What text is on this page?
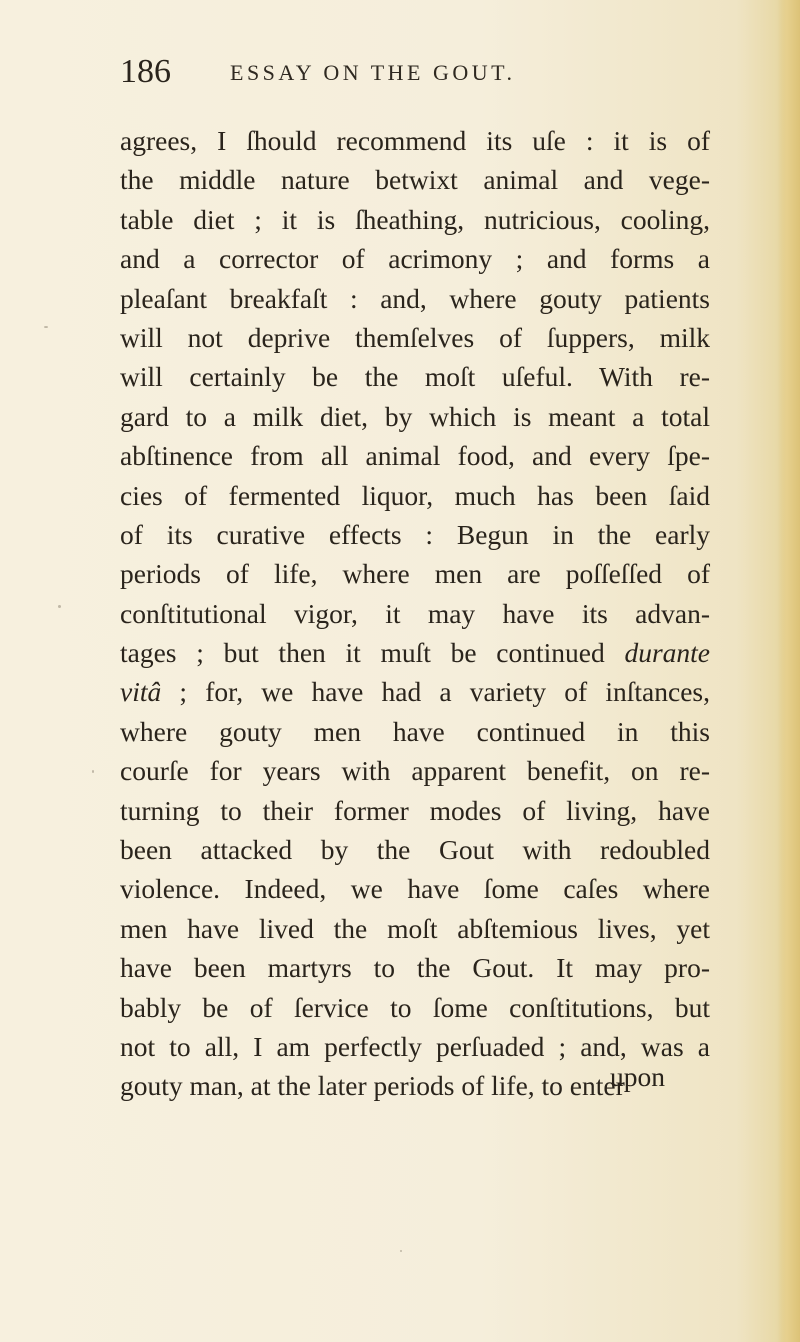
186	ESSAY ON THE GOUT.
agrees, I ſhould recommend its uſe : it is of
the middle nature betwixt animal and vege-
table diet ; it is ſheathing, nutricious, cooling,
and a corrector of acrimony ; and forms a
pleaſant breakfaſt : and, where gouty patients
will not deprive themſelves of ſuppers, milk
will certainly be the moſt uſeful. With re-
gard to a milk diet, by which is meant a total
abſtinence from all animal food, and every ſpe-
cies of fermented liquor, much has been ſaid
of its curative effects : Begun in the early
periods of life, where men are poſſeſſed of
conſtitutional vigor, it may have its advan-
tages ; but then it muſt be continued durante
vitâ ; for, we have had a variety of inſtances,
where gouty men have continued in this
courſe for years with apparent benefit, on re-
turning to their former modes of living, have
been attacked by the Gout with redoubled
violence. Indeed, we have ſome caſes where
men have lived the moſt abſtemious lives, yet
have been martyrs to the Gout. It may pro-
bably be of ſervice to ſome conſtitutions, but
not to all, I am perfectly perſuaded ; and, was a
gouty man, at the later periods of life, to enter
upon
